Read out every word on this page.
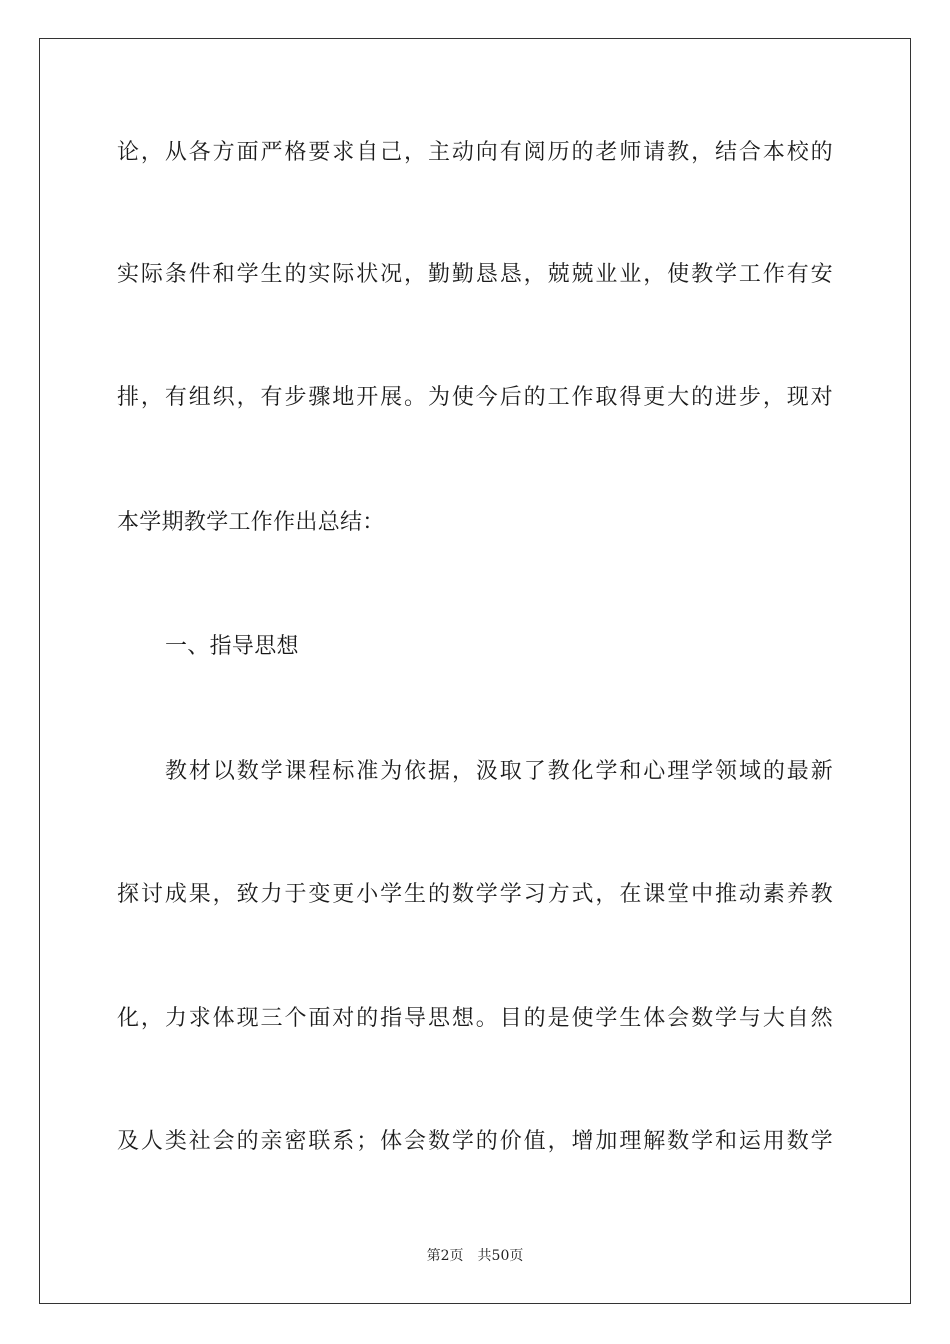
论，从各方面严格要求自己，主动向有阅历的老师请教，结合本校的
实际条件和学生的实际状况，勤勤恳恳，兢兢业业，使教学工作有安
排，有组织，有步骤地开展。为使今后的工作取得更大的进步，现对
本学期教学工作作出总结：
一、指导思想
教材以数学课程标准为依据，汲取了教化学和心理学领域的最新
探讨成果，致力于变更小学生的数学学习方式，在课堂中推动素养教
化，力求体现三个面对的指导思想。目的是使学生体会数学与大自然
及人类社会的亲密联系；体会数学的价值，增加理解数学和运用数学
第2页 共50页
